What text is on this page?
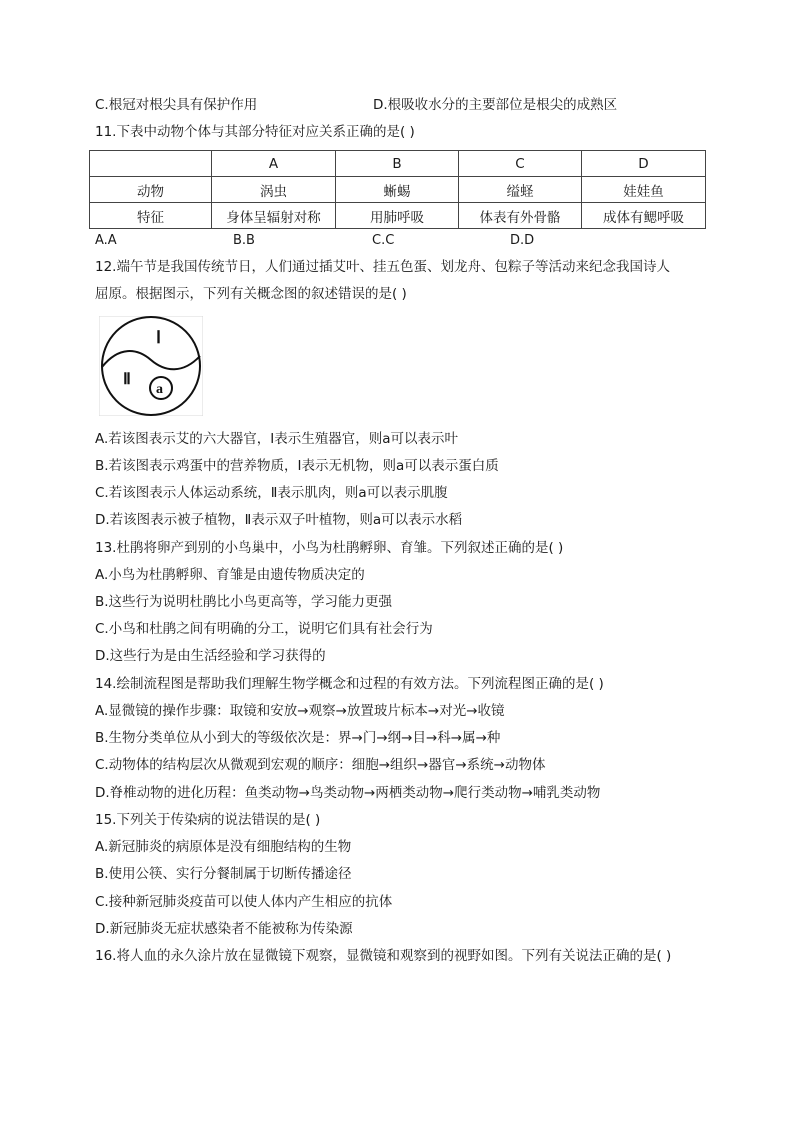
C.根冠对根尖具有保护作用	D.根吸收水分的主要部位是根尖的成熟区
11.下表中动物个体与其部分特征对应关系正确的是( )
	A	B	C	D
动物	涡虫	蜥蜴	缢蛏	娃娃鱼
特征	身体呈辐射对称	用肺呼吸	体表有外骨骼	成体有鳃呼吸
A.A	B.B	C.C	D.D
12.端午节是我国传统节日，人们通过插艾叶、挂五色蛋、划龙舟、包粽子等活动来纪念我国诗人
屈原。根据图示，下列有关概念图的叙述错误的是( )
Ⅰ
Ⅱ
a
A.若该图表示艾的六大器官，Ⅰ表示生殖器官，则a可以表示叶
B.若该图表示鸡蛋中的营养物质，Ⅰ表示无机物，则a可以表示蛋白质
C.若该图表示人体运动系统，Ⅱ表示肌肉，则a可以表示肌腹
D.若该图表示被子植物，Ⅱ表示双子叶植物，则a可以表示水稻
13.杜鹃将卵产到别的小鸟巢中，小鸟为杜鹃孵卵、育雏。下列叙述正确的是( )
A.小鸟为杜鹃孵卵、育雏是由遗传物质决定的
B.这些行为说明杜鹃比小鸟更高等，学习能力更强
C.小鸟和杜鹃之间有明确的分工，说明它们具有社会行为
D.这些行为是由生活经验和学习获得的
14.绘制流程图是帮助我们理解生物学概念和过程的有效方法。下列流程图正确的是( )
A.显微镜的操作步骤：取镜和安放→观察→放置玻片标本→对光→收镜
B.生物分类单位从小到大的等级依次是：界→门→纲→目→科→属→种
C.动物体的结构层次从微观到宏观的顺序：细胞→组织→器官→系统→动物体
D.脊椎动物的进化历程：鱼类动物→鸟类动物→两栖类动物→爬行类动物→哺乳类动物
15.下列关于传染病的说法错误的是( )
A.新冠肺炎的病原体是没有细胞结构的生物
B.使用公筷、实行分餐制属于切断传播途径
C.接种新冠肺炎疫苗可以使人体内产生相应的抗体
D.新冠肺炎无症状感染者不能被称为传染源
16.将人血的永久涂片放在显微镜下观察，显微镜和观察到的视野如图。下列有关说法正确的是( )
